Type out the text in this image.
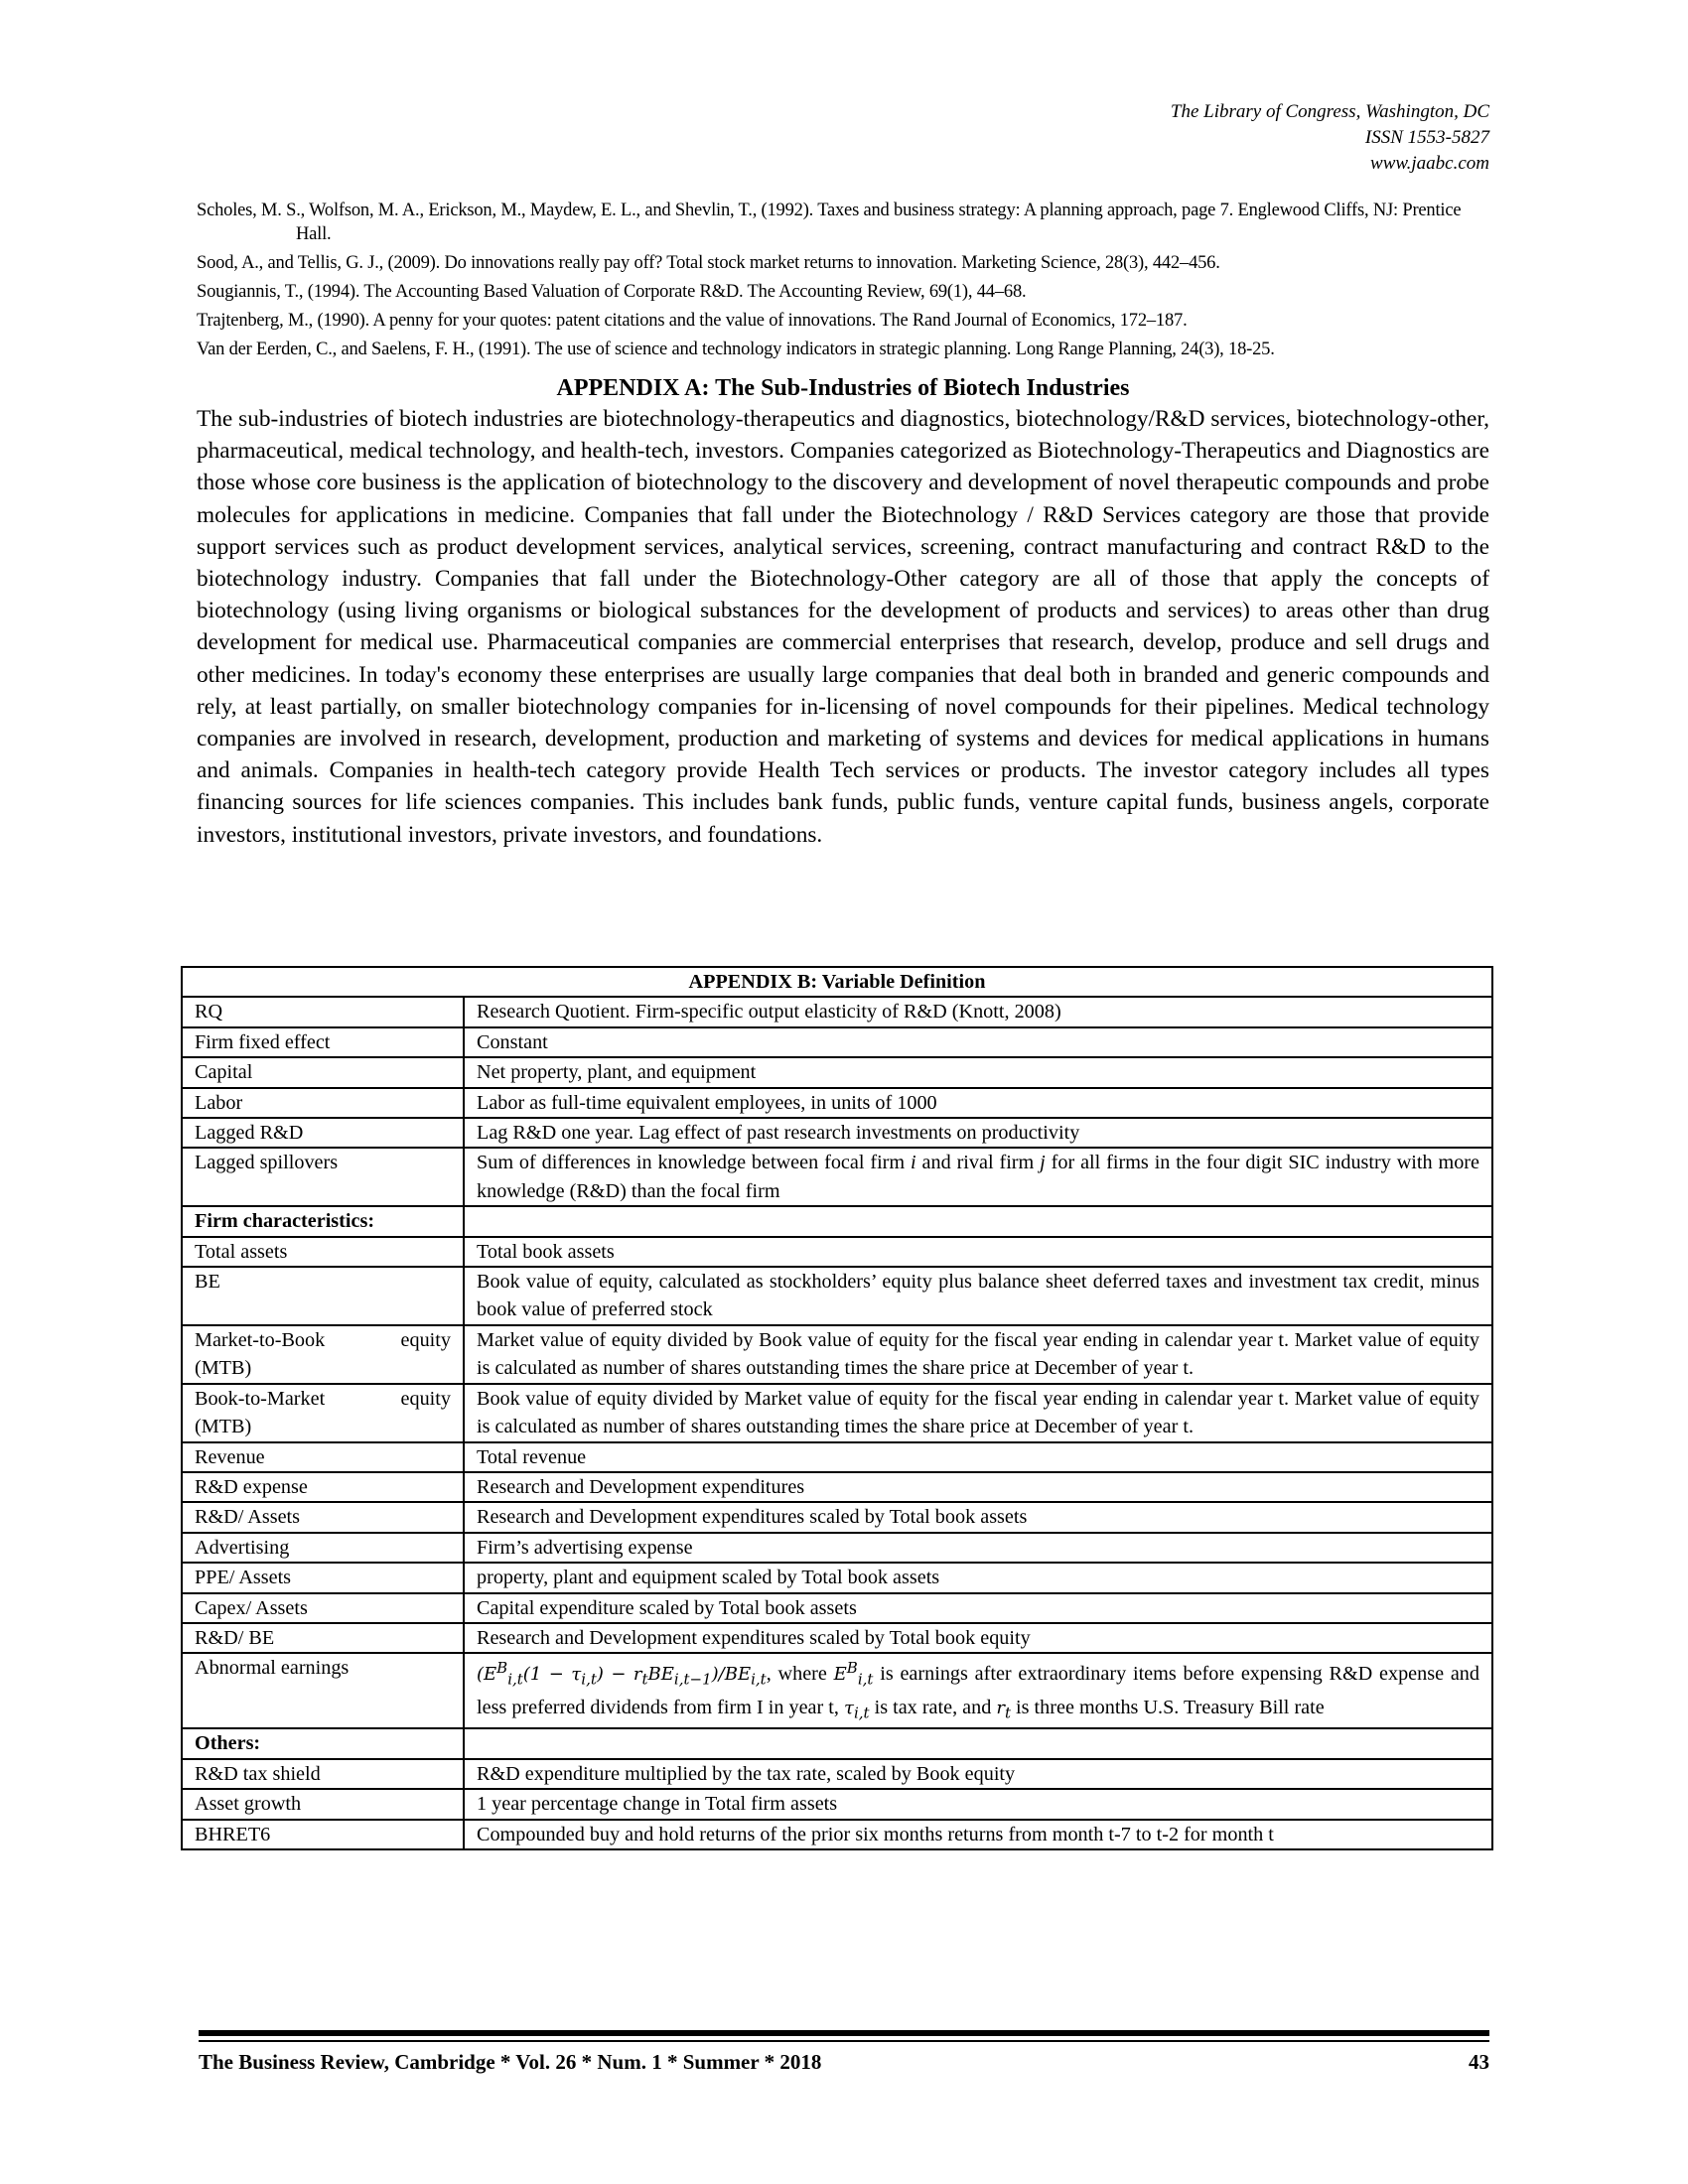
The Library of Congress, Washington, DC
ISSN 1553-5827
www.jaabc.com

Scholes, M. S., Wolfson, M. A., Erickson, M., Maydew, E. L., and Shevlin, T., (1992). Taxes and business strategy: A planning approach, page 7. Englewood Cliffs, NJ: Prentice Hall.

Sood, A., and Tellis, G. J., (2009). Do innovations really pay off? Total stock market returns to innovation. Marketing Science, 28(3), 442–456.

Sougiannis, T., (1994). The Accounting Based Valuation of Corporate R&D. The Accounting Review, 69(1), 44–68.

Trajtenberg, M., (1990). A penny for your quotes: patent citations and the value of innovations. The Rand Journal of Economics, 172–187.

Van der Eerden, C., and Saelens, F. H., (1991). The use of science and technology indicators in strategic planning. Long Range Planning, 24(3), 18-25.

APPENDIX A: The Sub-Industries of Biotech Industries

The sub-industries of biotech industries are biotechnology-therapeutics and diagnostics, biotechnology/R&D services, biotechnology-other, pharmaceutical, medical technology, and health-tech, investors. Companies categorized as Biotechnology-Therapeutics and Diagnostics are those whose core business is the application of biotechnology to the discovery and development of novel therapeutic compounds and probe molecules for applications in medicine. Companies that fall under the Biotechnology / R&D Services category are those that provide support services such as product development services, analytical services, screening, contract manufacturing and contract R&D to the biotechnology industry. Companies that fall under the Biotechnology-Other category are all of those that apply the concepts of biotechnology (using living organisms or biological substances for the development of products and services) to areas other than drug development for medical use. Pharmaceutical companies are commercial enterprises that research, develop, produce and sell drugs and other medicines. In today's economy these enterprises are usually large companies that deal both in branded and generic compounds and rely, at least partially, on smaller biotechnology companies for in-licensing of novel compounds for their pipelines. Medical technology companies are involved in research, development, production and marketing of systems and devices for medical applications in humans and animals. Companies in health-tech category provide Health Tech services or products. The investor category includes all types financing sources for life sciences companies. This includes bank funds, public funds, venture capital funds, business angels, corporate investors, institutional investors, private investors, and foundations.

APPENDIX B: Variable Definition	
RQ	Research Quotient. Firm-specific output elasticity of R&D (Knott, 2008)
Firm fixed effect	Constant
Capital	Net property, plant, and equipment
Labor	Labor as full-time equivalent employees, in units of 1000
Lagged R&D	Lag R&D one year. Lag effect of past research investments on productivity
Lagged spillovers	Sum of differences in knowledge between focal firm i and rival firm j for all firms in the four digit SIC industry with more knowledge (R&D) than the focal firm
Firm characteristics:	
Total assets	Total book assets
BE	Book value of equity, calculated as stockholders’ equity plus balance sheet deferred taxes and investment tax credit, minus book value of preferred stock

Market-to-Book equity
(MTB)	Market value of equity divided by Book value of equity for the fiscal year ending in calendar year t. Market value of equity is calculated as number of shares outstanding times the share price at December of year t.

Book-to-Market equity
(MTB)	Book value of equity divided by Market value of equity for the fiscal year ending in calendar year t. Market value of equity is calculated as number of shares outstanding times the share price at December of year t.
Revenue	Total revenue
R&D expense	Research and Development expenditures
R&D/ Assets	Research and Development expenditures scaled by Total book assets
Advertising	Firm’s advertising expense
PPE/ Assets	property, plant and equipment scaled by Total book assets
Capex/ Assets	Capital expenditure scaled by Total book assets
R&D/ BE	Research and Development expenditures scaled by Total book equity
Abnormal earnings	$(E^B_{i,t}(1 - \tau_{i,t}) - r_tBE_{i,t-1})/BE_{i,t}$, where $E^B_{i,t}$ is earnings after extraordinary items before expensing R&D expense and less preferred dividends from firm I in year t, $\tau_{i,t}$ is tax rate, and $r_t$ is three months U.S. Treasury Bill rate
Others:	
R&D tax shield	R&D expenditure multiplied by the tax rate, scaled by Book equity
Asset growth	1 year percentage change in Total firm assets
BHRET6	Compounded buy and hold returns of the prior six months returns from month t-7 to t-2 for month t
The Business Review, Cambridge * Vol. 26 * Num. 1 * Summer * 2018	43
